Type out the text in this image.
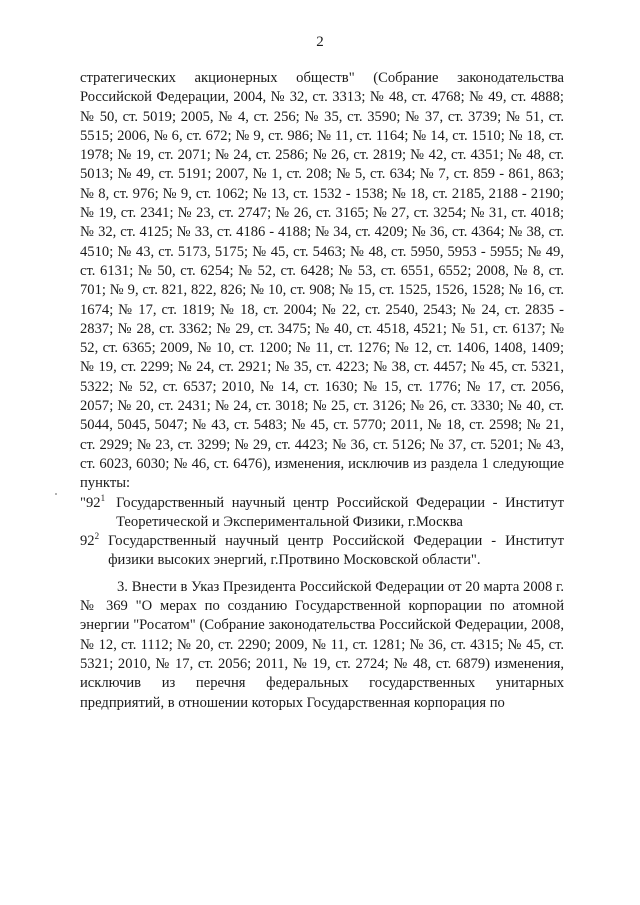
2

стратегических акционерных обществ" (Собрание законодательства Российской Федерации, 2004, № 32, ст. 3313; № 48, ст. 4768; № 49, ст. 4888; № 50, ст. 5019; 2005, № 4, ст. 256; № 35, ст. 3590; № 37, ст. 3739; № 51, ст. 5515; 2006, № 6, ст. 672; № 9, ст. 986; № 11, ст. 1164; № 14, ст. 1510; № 18, ст. 1978; № 19, ст. 2071; № 24, ст. 2586; № 26, ст. 2819; № 42, ст. 4351; № 48, ст. 5013; № 49, ст. 5191; 2007, № 1, ст. 208; № 5, ст. 634; № 7, ст. 859 - 861, 863; № 8, ст. 976; № 9, ст. 1062; № 13, ст. 1532 - 1538; № 18, ст. 2185, 2188 - 2190; № 19, ст. 2341; № 23, ст. 2747; № 26, ст. 3165; № 27, ст. 3254; № 31, ст. 4018; № 32, ст. 4125; № 33, ст. 4186 - 4188; № 34, ст. 4209; № 36, ст. 4364; № 38, ст. 4510; № 43, ст. 5173, 5175; № 45, ст. 5463; № 48, ст. 5950, 5953 - 5955; № 49, ст. 6131; № 50, ст. 6254; № 52, ст. 6428; № 53, ст. 6551, 6552; 2008, № 8, ст. 701; № 9, ст. 821, 822, 826; № 10, ст. 908; № 15, ст. 1525, 1526, 1528; № 16, ст. 1674; № 17, ст. 1819; № 18, ст. 2004; № 22, ст. 2540, 2543; № 24, ст. 2835 - 2837; № 28, ст. 3362; № 29, ст. 3475; № 40, ст. 4518, 4521; № 51, ст. 6137; № 52, ст. 6365; 2009, № 10, ст. 1200; № 11, ст. 1276; № 12, ст. 1406, 1408, 1409; № 19, ст. 2299; № 24, ст. 2921; № 35, ст. 4223; № 38, ст. 4457; № 45, ст. 5321, 5322; № 52, ст. 6537; 2010, № 14, ст. 1630; № 15, ст. 1776; № 17, ст. 2056, 2057; № 20, ст. 2431; № 24, ст. 3018; № 25, ст. 3126; № 26, ст. 3330; № 40, ст. 5044, 5045, 5047; № 43, ст. 5483; № 45, ст. 5770; 2011, № 18, ст. 2598; № 21, ст. 2929; № 23, ст. 3299; № 29, ст. 4423; № 36, ст. 5126; № 37, ст. 5201; № 43, ст. 6023, 6030; № 46, ст. 6476), изменения, исключив из раздела 1 следующие пункты:

"$92^1$ Государственный научный центр Российской Федерации - Институт Теоретической и Экспериментальной Физики, г.Москва
$92^2$ Государственный научный центр Российской Федерации - Институт физики высоких энергий, г.Протвино Московской области".

3. Внести в Указ Президента Российской Федерации от 20 марта 2008 г. № 369 "О мерах по созданию Государственной корпорации по атомной энергии "Росатом" (Собрание законодательства Российской Федерации, 2008, № 12, ст. 1112; № 20, ст. 2290; 2009, № 11, ст. 1281; № 36, ст. 4315; № 45, ст. 5321; 2010, № 17, ст. 2056; 2011, № 19, ст. 2724; № 48, ст. 6879) изменения, исключив из перечня федеральных государственных унитарных предприятий, в отношении которых Государственная корпорация по
